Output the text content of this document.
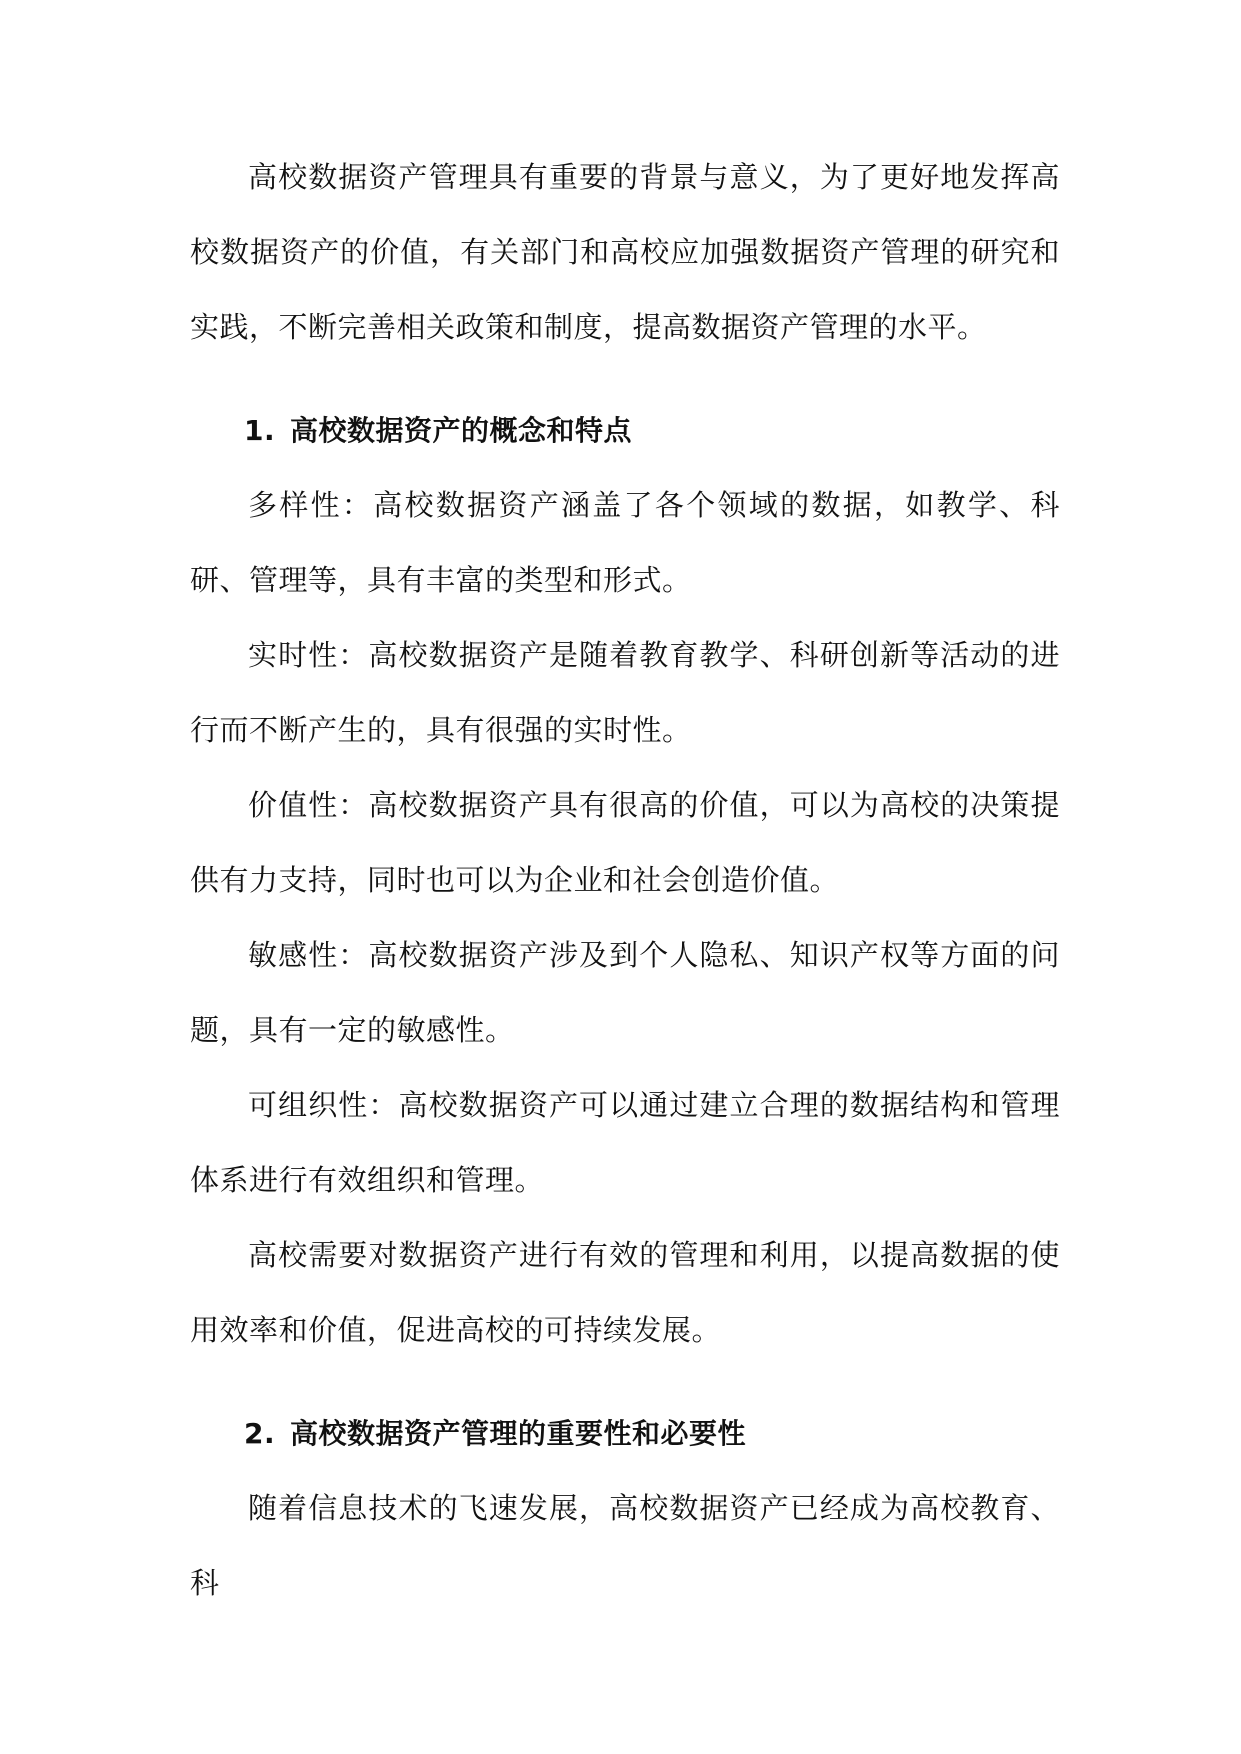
高校数据资产管理具有重要的背景与意义，为了更好地发挥高校数据资产的价值，有关部门和高校应加强数据资产管理的研究和实践，不断完善相关政策和制度，提高数据资产管理的水平。

1. 高校数据资产的概念和特点

多样性：高校数据资产涵盖了各个领域的数据，如教学、科研、管理等，具有丰富的类型和形式。

实时性：高校数据资产是随着教育教学、科研创新等活动的进行而不断产生的，具有很强的实时性。

价值性：高校数据资产具有很高的价值，可以为高校的决策提供有力支持，同时也可以为企业和社会创造价值。

敏感性：高校数据资产涉及到个人隐私、知识产权等方面的问题，具有一定的敏感性。

可组织性：高校数据资产可以通过建立合理的数据结构和管理体系进行有效组织和管理。

高校需要对数据资产进行有效的管理和利用，以提高数据的使用效率和价值，促进高校的可持续发展。

2. 高校数据资产管理的重要性和必要性

随着信息技术的飞速发展，高校数据资产已经成为高校教育、科
